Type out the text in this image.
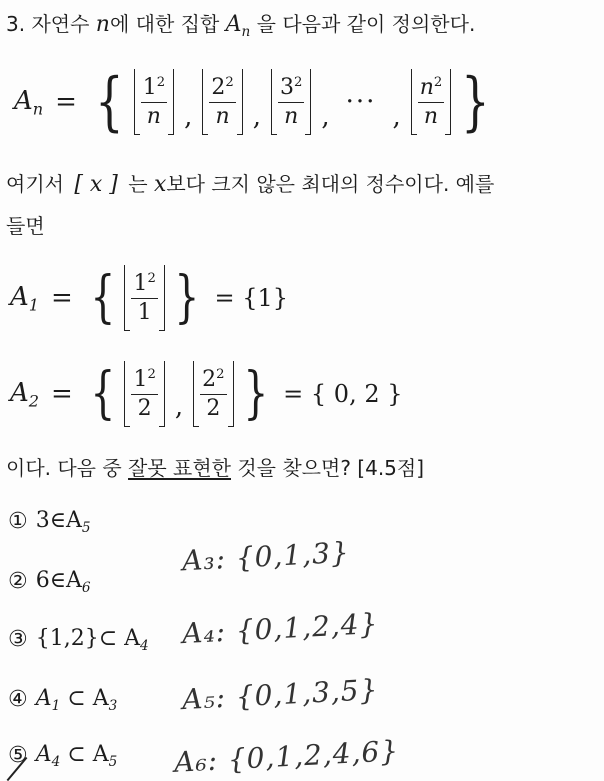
3. 자연수 n에 대한 집합 $A_n$ 을 다음과 같이 정의한다.
$A_n$ = { $\frac{1^2}{n}$ , $\frac{2^2}{n}$ , $\frac{3^2}{n}$ , ··· , $\frac{n^2}{n}$ }
여기서 [ x ] 는 x보다 크지 않은 최대의 정수이다. 예를
들면
$A_1$ = { $\frac{1^2}{1}$ } = {1}
$A_2$ = { $\frac{1^2}{2}$ , $\frac{2^2}{2}$ } = { 0, 2 }
이다. 다음 중 잘못 표현한 것을 찾으면? [4.5점]
① $3\in A_5$
② $6\in A_6$
③ {1,2}⊂ $A_4$
④ $A_1$ ⊂ $A_3$
⑤ $A_4$ ⊂ $A_5$
A₃: {0,1,3}
A₄: {0,1,2,4}
A₅: {0,1,3,5}
A₆: {0,1,2,4,6}
